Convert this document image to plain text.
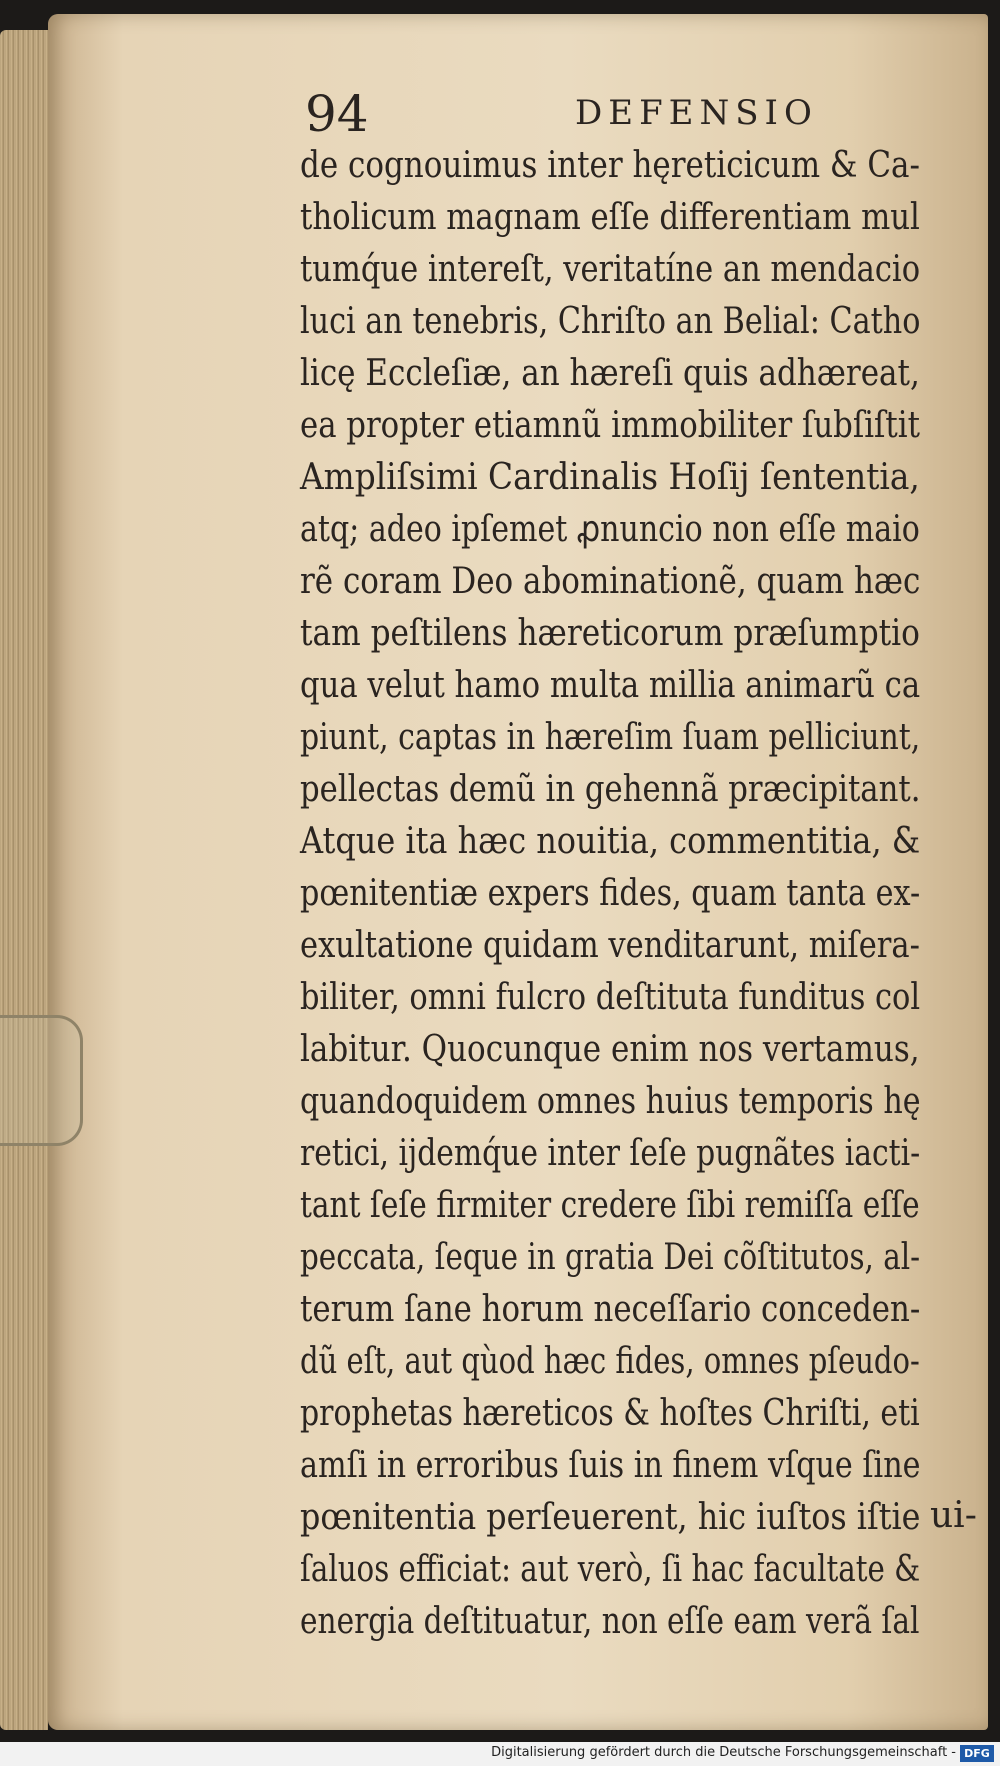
94	DEFENSIO
de cognouimus inter hęreticicum & Ca-
tholicum magnam eſſe differentiam mul
tumq́ue intereſt, veritatíne an mendacio
luci an tenebris, Chriſto an Belial: Catho
licę Eccleſiæ, an hæreſi quis adhæreat,
ea propter etiamnũ immobiliter ſubſiſtit
Ampliſsimi Cardinalis Hoſij ſententia,
atq; adeo ipſemet ꝓnuncio non eſſe maio
rẽ coram Deo abominationẽ, quam hæc
tam peſtilens hæreticorum præſumptio
qua velut hamo multa millia animarũ ca
piunt, captas in hæreſim ſuam pelliciunt,
pellectas demũ in gehennã præcipitant.
Atque ita hæc nouitia, commentitia, &
pœnitentiæ expers fides, quam tanta ex-
exultatione quidam venditarunt, miſera-
biliter, omni fulcro deſtituta funditus col
labitur. Quocunque enim nos vertamus,
quandoquidem omnes huius temporis hę
retici, ijdemq́ue inter ſeſe pugnãtes iacti-
tant ſeſe firmiter credere ſibi remiſſa eſſe
peccata, ſeque in gratia Dei cõſtitutos, al-
terum ſane horum neceſſario conceden-
dũ eſt, aut qùod hæc fides, omnes pſeudo-
prophetas hæreticos & hoſtes Chriſti, eti
amſi in erroribus ſuis in finem vſque ſine
pœnitentia perſeuerent, hic iuſtos iſtie
ſaluos efficiat: aut verò, ſi hac facultate &
energia deſtituatur, non eſſe eam verã ſal
ui-
Digitalisierung gefördert durch die Deutsche Forschungsgemeinschaft - DFG
